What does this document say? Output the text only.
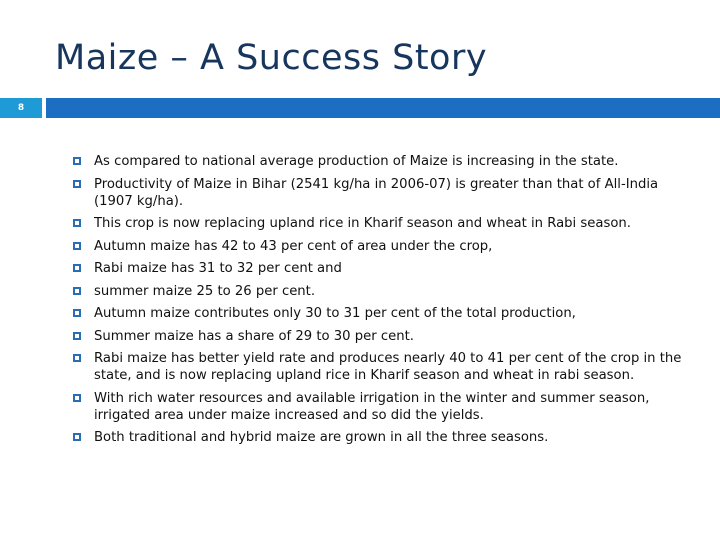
Maize – A Success Story
8
As compared to national average production of Maize is increasing in the state.
Productivity of Maize in Bihar (2541 kg/ha in 2006-07) is greater than that of All-India (1907 kg/ha).
This crop is now replacing upland rice in Kharif season and wheat in Rabi season.
Autumn maize has 42 to 43 per cent of area under the crop,
Rabi maize has 31 to 32 per cent and
summer maize 25 to 26 per cent.
Autumn maize contributes only 30 to 31 per cent of the total production,
Summer maize has a share of 29 to 30 per cent.
Rabi maize has better yield rate and produces nearly 40 to 41 per cent of the crop in the state, and is now replacing upland rice in Kharif season and wheat in rabi season.
With rich water resources and available irrigation in the winter and summer season, irrigated area under maize increased and so did the yields.
Both traditional and hybrid maize are grown in all the three seasons.
